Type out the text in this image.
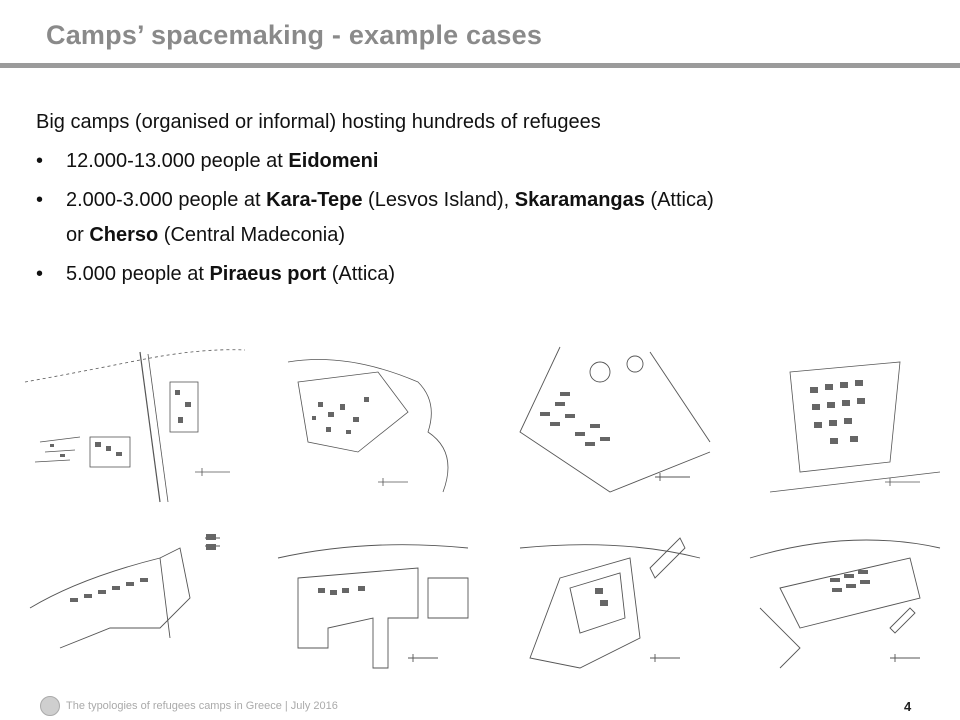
Camps’ spacemaking - example cases
Big camps (organised or informal) hosting hundreds of refugees
•	12.000-13.000 people at Eidomeni
•	2.000-3.000 people at Kara-Tepe (Lesvos Island), Skaramangas (Attica)
or Cherso (Central Madeconia)
•	5.000 people at Piraeus port (Attica)
The typologies of refugees camps in Greece | July 2016	4
